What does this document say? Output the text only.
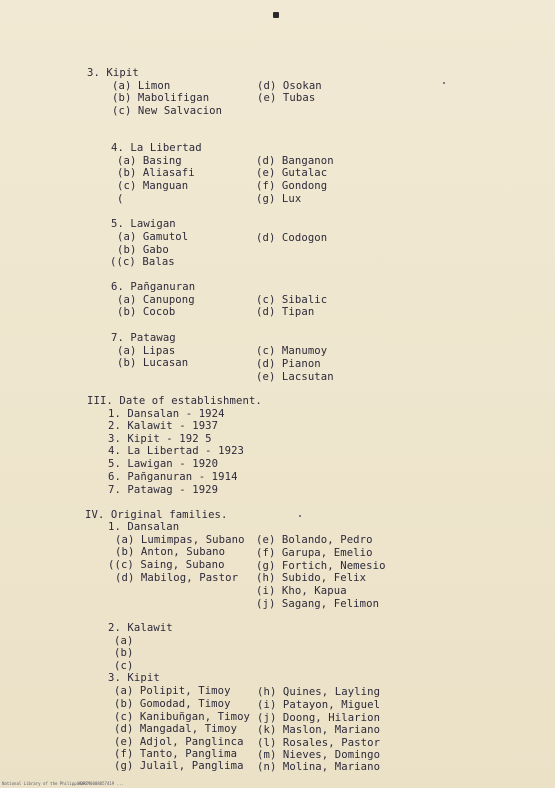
3. Kipit
(a) Limon
(b) Mabolifigan
(c) New Salvacion
(d) Osokan
(e) Tubas
4. La Libertad
(a) Basing
(b) Aliasafi
(c) Manguan
(
(d) Banganon
(e) Gutalac
(f) Gondong
(g) Lux
5. Lawigan
(a) Gamutol
(b) Gabo
((c) Balas
(d) Codogon
6. Pañganuran
(a) Canupong
(b) Cocob
(c) Sibalic
(d) Tipan
7. Patawag
(a) Lipas
(b) Lucasan
(c) Manumoy
(d) Pianon
(e) Lacsutan
III. Date of establishment.
1. Dansalan - 1924
2. Kalawit - 1937
3. Kipit - 192 5
4. La Libertad - 1923
5. Lawigan - 1920
6. Pañganuran - 1914
7. Patawag - 1929
IV. Original families.
1. Dansalan
(a) Lumimpas, Subano
(b) Anton, Subano
((c) Saing, Subano
(d) Mabilog, Pastor
(e) Bolando, Pedro
(f) Garupa, Emelio
(g) Fortich, Nemesio
(h) Subido, Felix
(i) Kho, Kapua
(j) Sagang, Felimon
2. Kalawit
(a)
(b)
(c)
3. Kipit
(a) Polipit, Timoy
(b) Gomodad, Timoy
(c) Kanibuñgan, Timoy
(d) Mangadal, Timoy
(e) Adjol, Panglinca
(f) Tanto, Panglima
(g) Julail, Panglima
(h) Quines, Layling
(i) Patayon, Miguel
(j) Doong, Hilarion
(k) Maslon, Mariano
(l) Rosales, Pastor
(m) Nieves, Domingo
(n) Molina, Mariano
National Library of the Philippines
HDPZM0008057419 ...
